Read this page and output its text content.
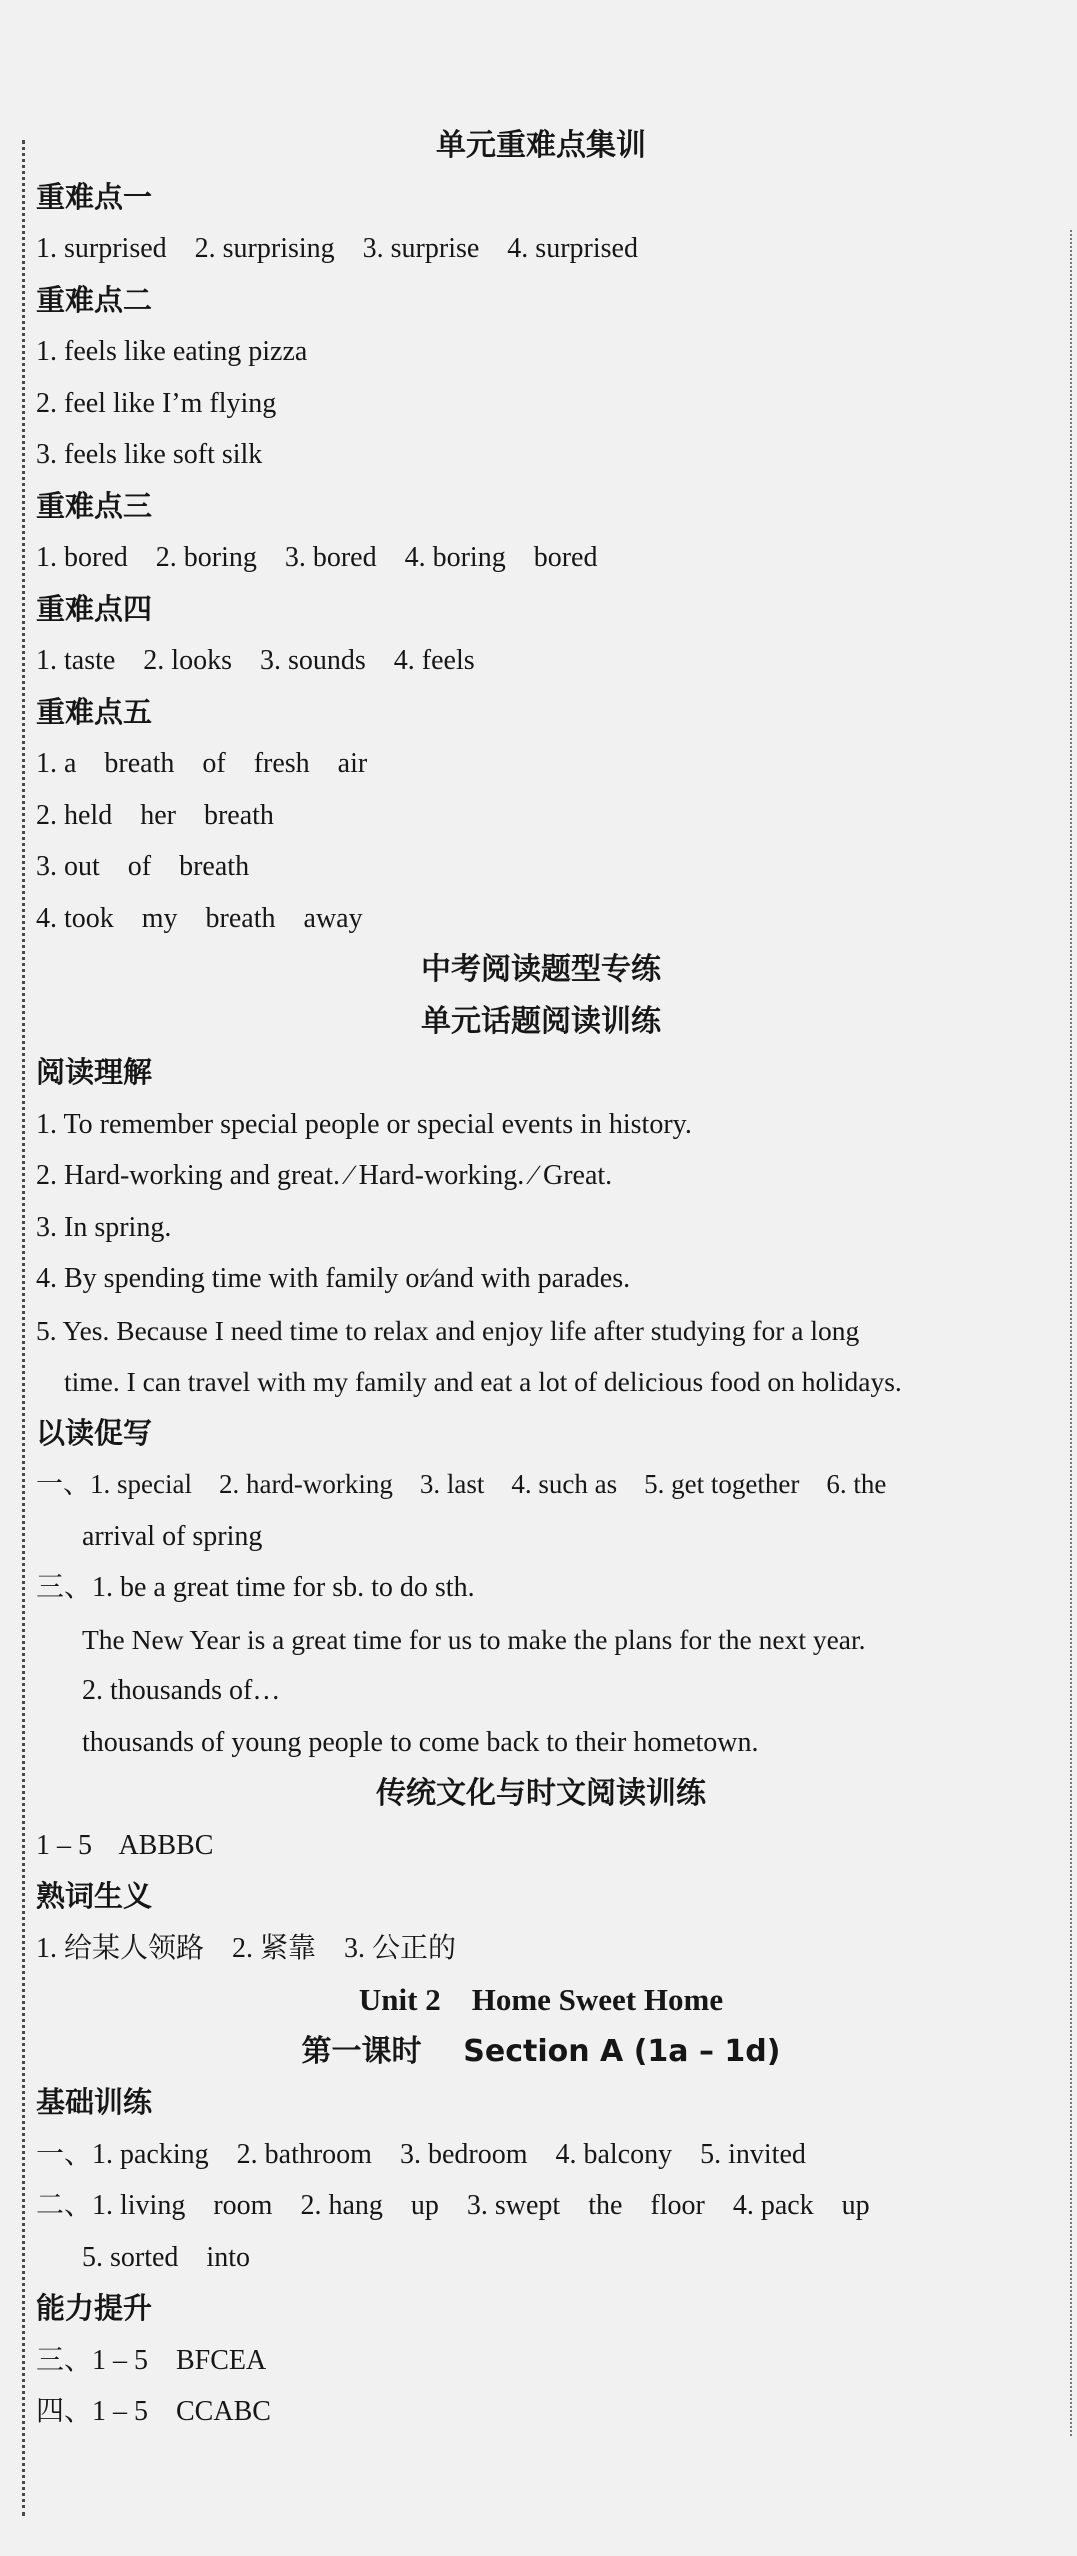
单元重难点集训
重难点一
1. surprised    2. surprising    3. surprise    4. surprised
重难点二
1. feels like eating pizza
2. feel like I’m flying
3. feels like soft silk
重难点三
1. bored    2. boring    3. bored    4. boring    bored
重难点四
1. taste    2. looks    3. sounds    4. feels
重难点五
1. a    breath    of    fresh    air
2. held    her    breath
3. out    of    breath
4. took    my    breath    away
中考阅读题型专练
单元话题阅读训练
阅读理解
1. To remember special people or special events in history.
2. Hard-working and great. ∕ Hard-working. ∕ Great.
3. In spring.
4. By spending time with family or∕and with parades.
5. Yes. Because I need time to relax and enjoy life after studying for a long
time. I can travel with my family and eat a lot of delicious food on holidays.
以读促写
一、1. special    2. hard-working    3. last    4. such as    5. get together    6. the
arrival of spring
三、1. be a great time for sb. to do sth.
The New Year is a great time for us to make the plans for the next year.
2. thousands of…
thousands of young people to come back to their hometown.
传统文化与时文阅读训练
1 – 5    ABBBC
熟词生义
1. 给某人领路    2. 紧靠    3. 公正的
Unit 2    Home Sweet Home
第一课时    Section A (1a – 1d)
基础训练
一、1. packing    2. bathroom    3. bedroom    4. balcony    5. invited
二、1. living    room    2. hang    up    3. swept    the    floor    4. pack    up
5. sorted    into
能力提升
三、1 – 5    BFCEA
四、1 – 5    CCABC
